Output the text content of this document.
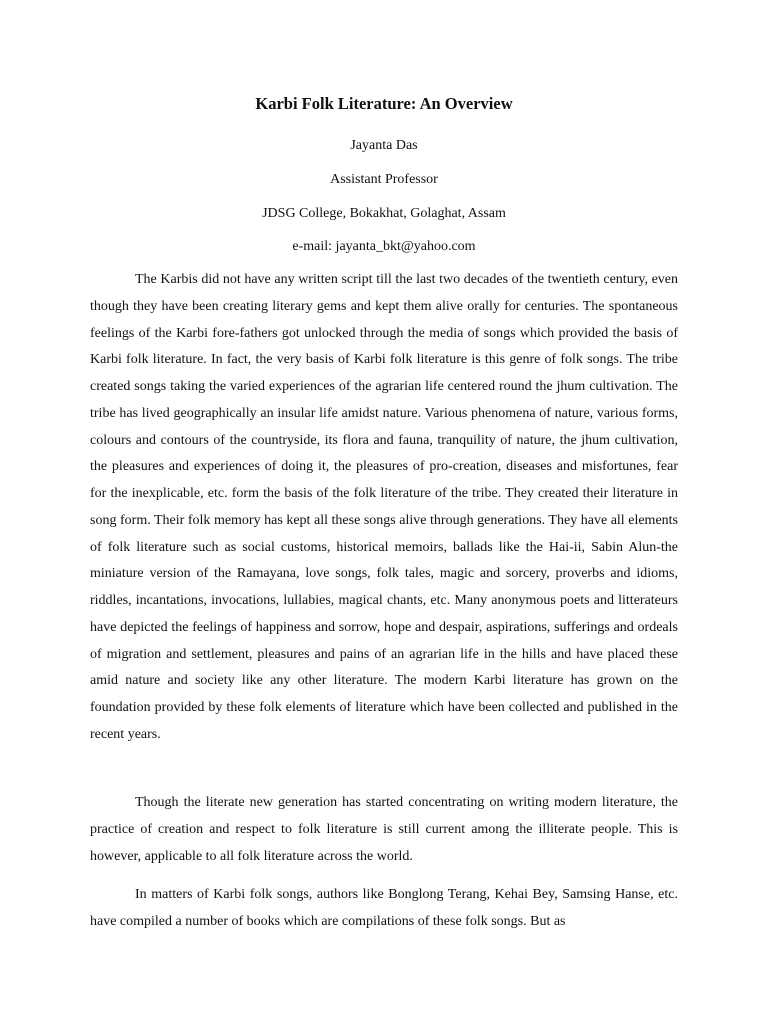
Karbi Folk Literature: An Overview

Jayanta Das

Assistant Professor

JDSG College, Bokakhat, Golaghat, Assam

e-mail: jayanta_bkt@yahoo.com

The Karbis did not have any written script till the last two decades of the twentieth century, even though they have been creating literary gems and kept them alive orally for centuries. The spontaneous feelings of the Karbi fore-fathers got unlocked through the media of songs which provided the basis of Karbi folk literature. In fact, the very basis of Karbi folk literature is this genre of folk songs. The tribe created songs taking the varied experiences of the agrarian life centered round the jhum cultivation. The tribe has lived geographically an insular life amidst nature. Various phenomena of nature, various forms, colours and contours of the countryside, its flora and fauna, tranquility of nature, the jhum cultivation, the pleasures and experiences of doing it, the pleasures of pro-creation, diseases and misfortunes, fear for the inexplicable, etc. form the basis of the folk literature of the tribe. They created their literature in song form. Their folk memory has kept all these songs alive through generations. They have all elements of folk literature such as social customs, historical memoirs, ballads like the Hai-ii, Sabin Alun-the miniature version of the Ramayana, love songs, folk tales, magic and sorcery, proverbs and idioms, riddles, incantations, invocations, lullabies, magical chants, etc. Many anonymous poets and litterateurs have depicted the feelings of happiness and sorrow, hope and despair, aspirations, sufferings and ordeals of migration and settlement, pleasures and pains of an agrarian life in the hills and have placed these amid nature and society like any other literature. The modern Karbi literature has grown on the foundation provided by these folk elements of literature which have been collected and published in the recent years.

Though the literate new generation has started concentrating on writing modern literature, the practice of creation and respect to folk literature is still current among the illiterate people. This is however, applicable to all folk literature across the world.

In matters of Karbi folk songs, authors like Bonglong Terang, Kehai Bey, Samsing Hanse, etc. have compiled a number of books which are compilations of these folk songs. But as
